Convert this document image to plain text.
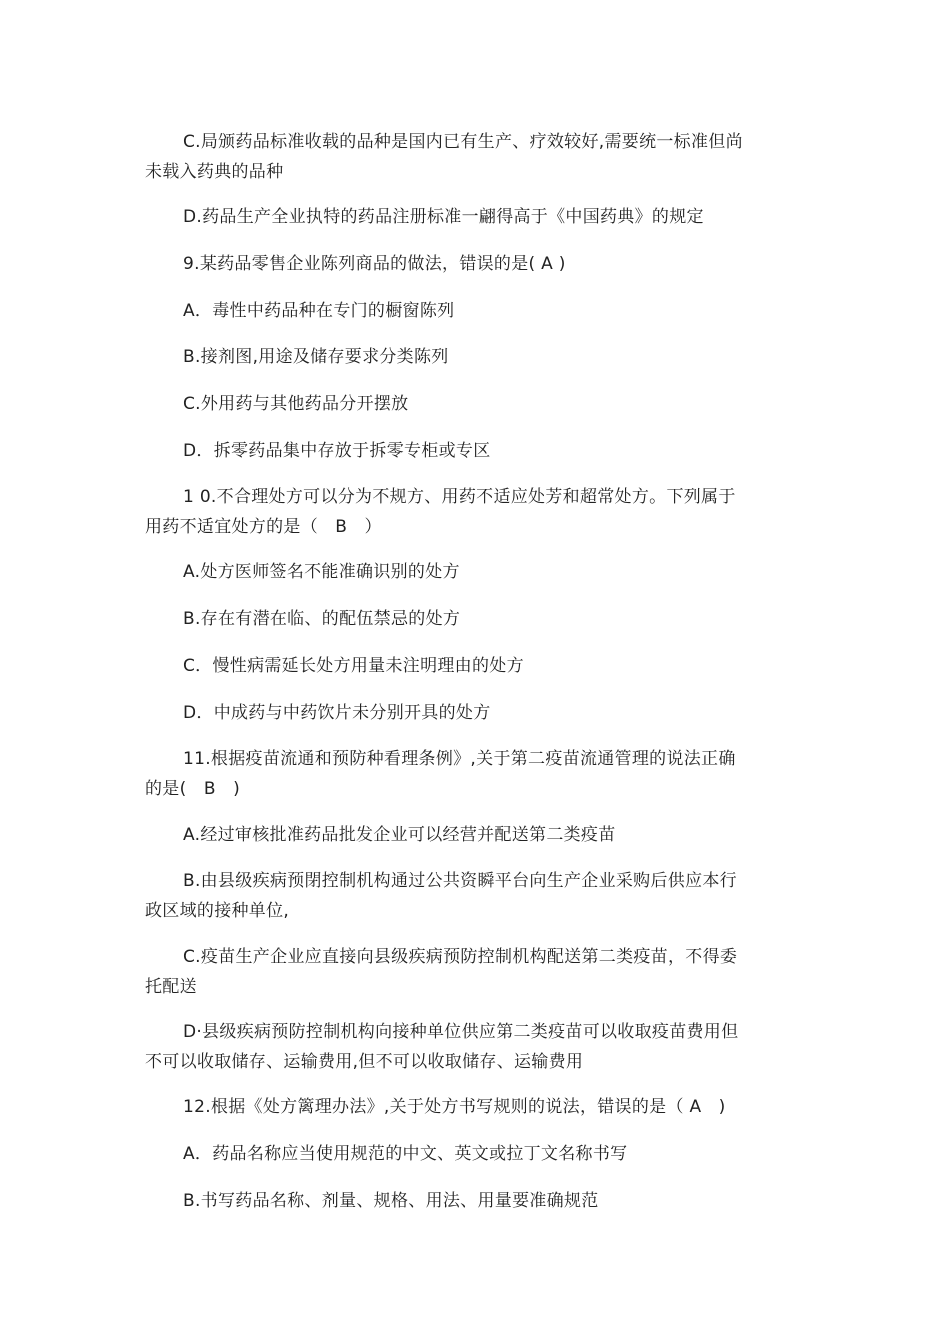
C.局颁药品标准收载的品种是国内已有生产、疗效较好,需要统一标准但尚
未载入药典的品种
D.药品生产全业执特的药品注册标准一翩得高于《中国药典》的规定
9.某药品零售企业陈列商品的做法，错误的是( A )
A．毒性中药品种在专门的橱窗陈列
B.接剂图,用途及储存要求分类陈列
C.外用药与其他药品分开摆放
D．拆零药品集中存放于拆零专柜或专区
1 0.不合理处方可以分为不规方、用药不适应处芳和超常处方。下列属于
用药不适宜处方的是（　B　）
A.处方医师签名不能准确识别的处方
B.存在有潜在临、的配伍禁忌的处方
C．慢性病需延长处方用量未注明理由的处方
D．中成药与中药饮片未分别开具的处方
11.根据疫苗流通和预防种看理条例》,关于第二疫苗流通管理的说法正确
的是(　B　)
A.经过审核批准药品批发企业可以经营并配送第二类疫苗
B.由县级疾病预閉控制机构通过公共资瞬平台向生产企业采购后供应本行
政区域的接种单位,
C.疫苗生产企业应直接向县级疾病预防控制机构配送第二类疫苗，不得委
托配送
D·县级疾病预防控制机构向接种单位供应第二类疫苗可以收取疫苗费用但
不可以收取储存、运输费用,但不可以收取储存、运输费用
12.根据《处方篱理办法》,关于处方书写规则的说法，错误的是（ A　)
A．药品名称应当使用规范的中文、英文或拉丁文名称书写
B.书写药品名称、剂量、规格、用法、用量要准确规范
